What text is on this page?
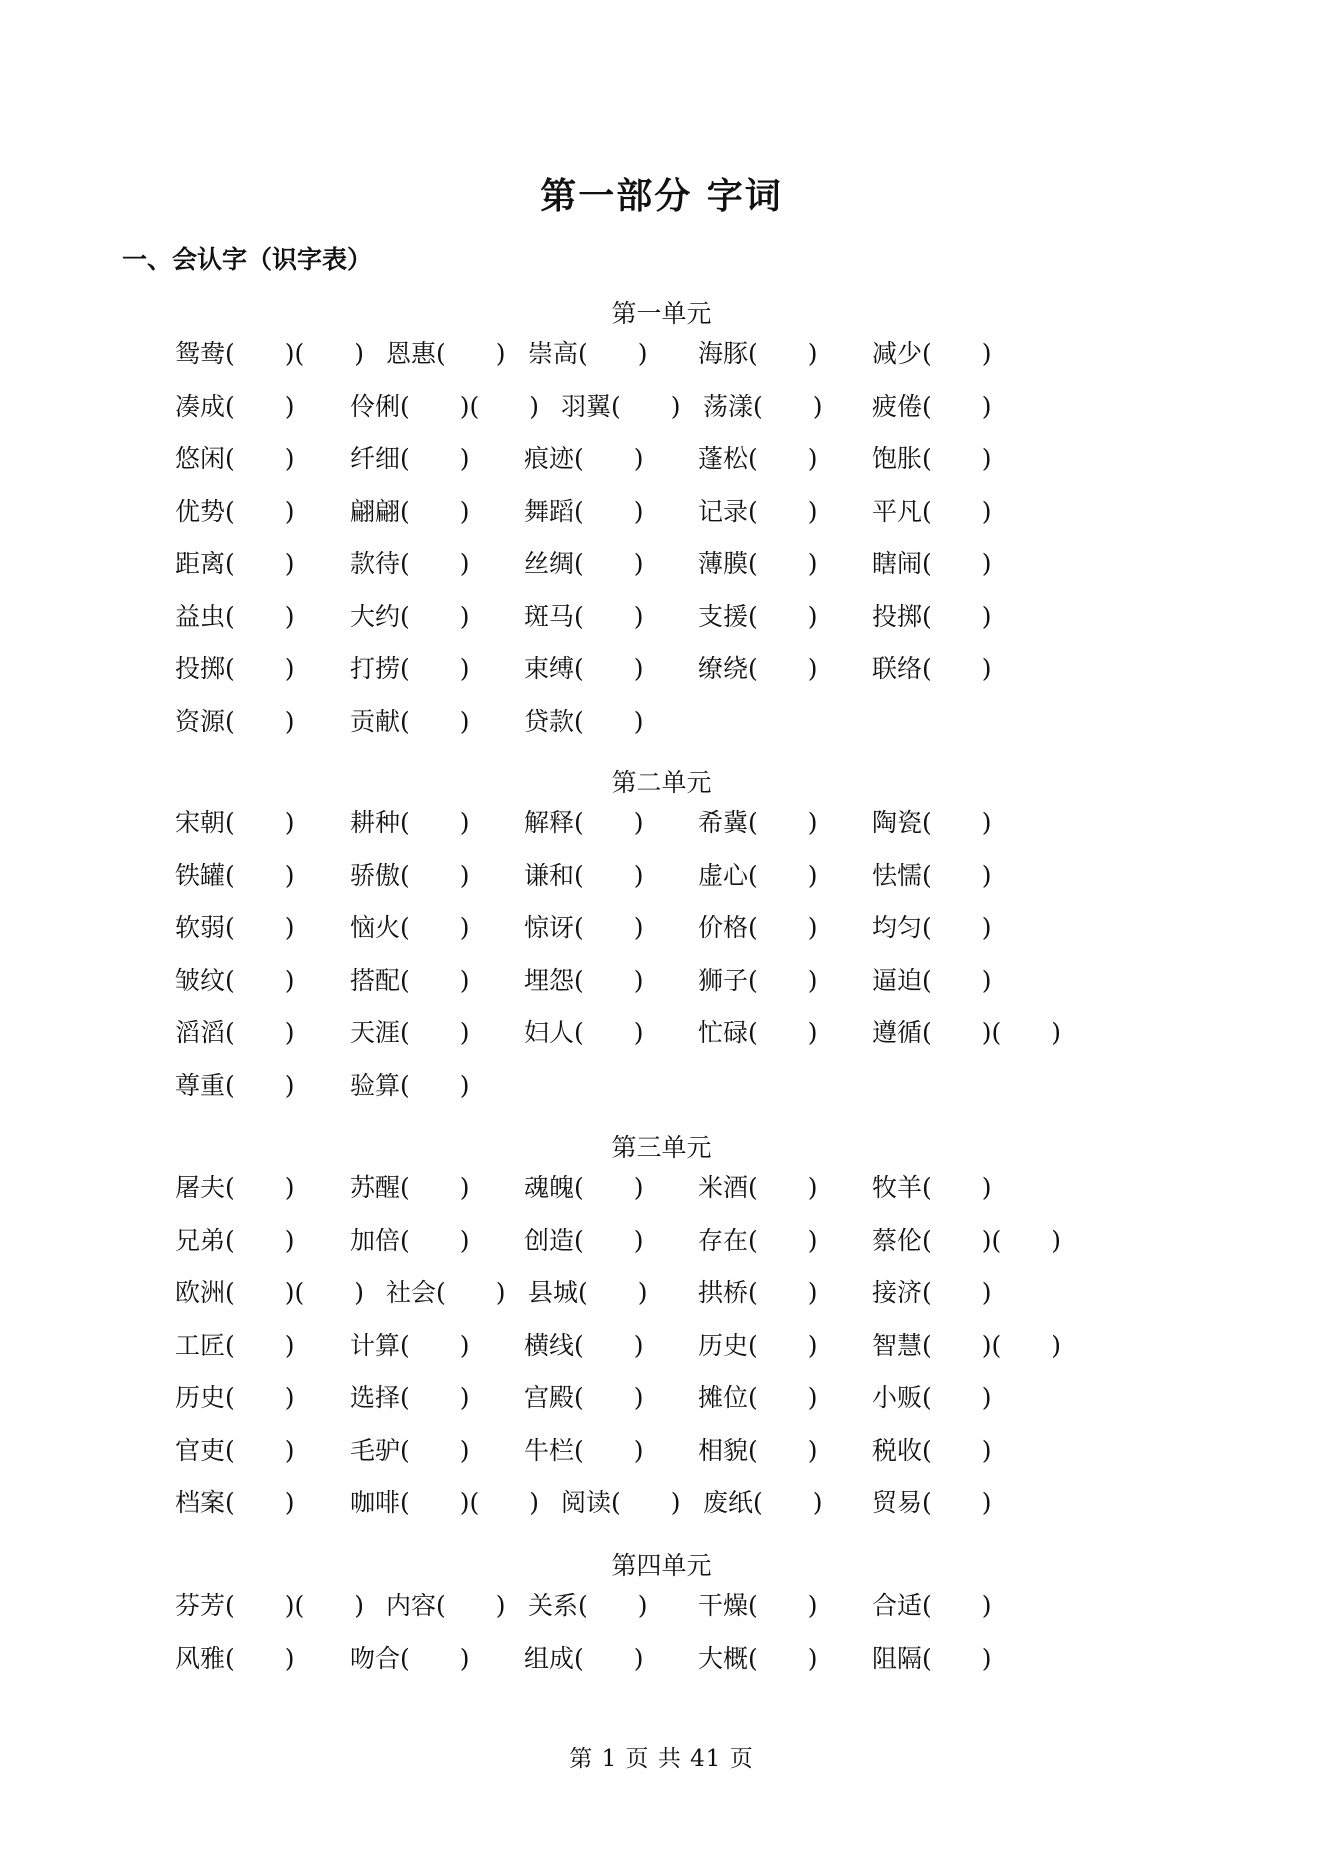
第一部分 字词
一、会认字（识字表）
第 1 页 共 41 页
第一单元
鸳鸯(　　)(　　) 恩惠(　　) 崇高(　　) 海豚(　　) 减少(　　)
凑成(　　) 伶俐(　　)(　　) 羽翼(　　) 荡漾(　　) 疲倦(　　)
悠闲(　　) 纤细(　　) 痕迹(　　) 蓬松(　　) 饱胀(　　)
优势(　　) 翩翩(　　) 舞蹈(　　) 记录(　　) 平凡(　　)
距离(　　) 款待(　　) 丝绸(　　) 薄膜(　　) 瞎闹(　　)
益虫(　　) 大约(　　) 斑马(　　) 支援(　　) 投掷(　　)
投掷(　　) 打捞(　　) 束缚(　　) 缭绕(　　) 联络(　　)
资源(　　) 贡献(　　) 贷款(　　)
第二单元
宋朝(　　) 耕种(　　) 解释(　　) 希冀(　　) 陶瓷(　　)
铁罐(　　) 骄傲(　　) 谦和(　　) 虚心(　　) 怯懦(　　)
软弱(　　) 恼火(　　) 惊讶(　　) 价格(　　) 均匀(　　)
皱纹(　　) 搭配(　　) 埋怨(　　) 狮子(　　) 逼迫(　　)
滔滔(　　) 天涯(　　) 妇人(　　) 忙碌(　　) 遵循(　　)(　　)
尊重(　　) 验算(　　)
第三单元
屠夫(　　) 苏醒(　　) 魂魄(　　) 米酒(　　) 牧羊(　　)
兄弟(　　) 加倍(　　) 创造(　　) 存在(　　) 蔡伦(　　)(　　)
欧洲(　　)(　　) 社会(　　) 县城(　　) 拱桥(　　) 接济(　　)
工匠(　　) 计算(　　) 横线(　　) 历史(　　) 智慧(　　)(　　)
历史(　　) 选择(　　) 宫殿(　　) 摊位(　　) 小贩(　　)
官吏(　　) 毛驴(　　) 牛栏(　　) 相貌(　　) 税收(　　)
档案(　　) 咖啡(　　)(　　) 阅读(　　) 废纸(　　) 贸易(　　)
第四单元
芬芳(　　)(　　) 内容(　　) 关系(　　) 干燥(　　) 合适(　　)
风雅(　　) 吻合(　　) 组成(　　) 大概(　　) 阻隔(　　)
